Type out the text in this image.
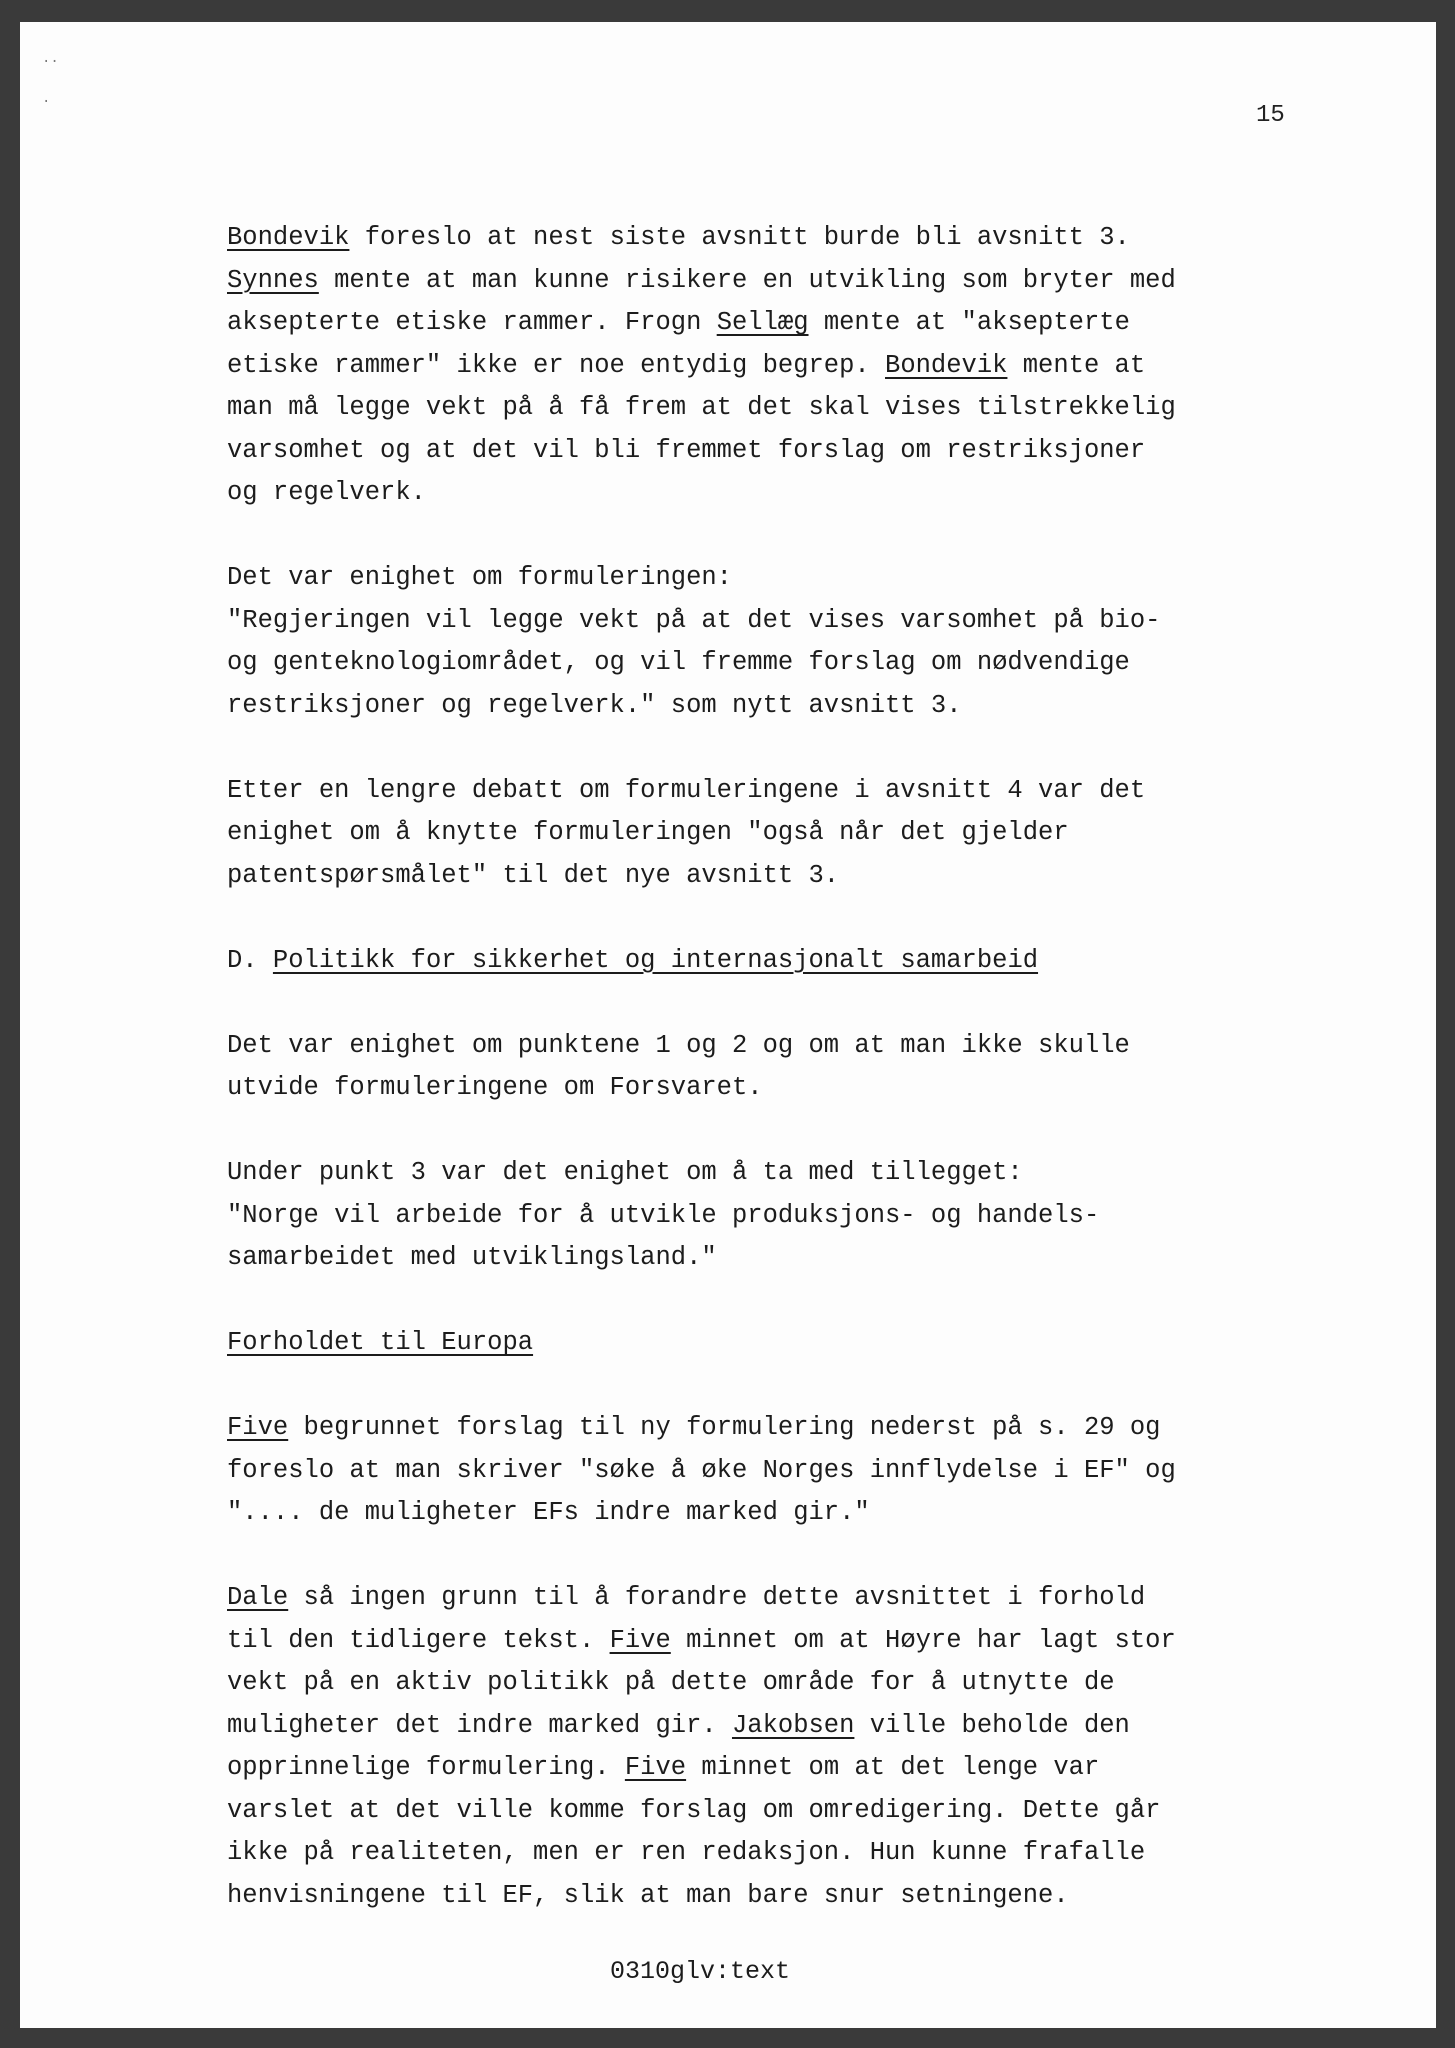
··
·	15
Bondevik foreslo at nest siste avsnitt burde bli avsnitt 3.
Synnes mente at man kunne risikere en utvikling som bryter med
aksepterte etiske rammer. Frogn Sellæg mente at "aksepterte
etiske rammer" ikke er noe entydig begrep. Bondevik mente at
man må legge vekt på å få frem at det skal vises tilstrekkelig
varsomhet og at det vil bli fremmet forslag om restriksjoner
og regelverk.
Det var enighet om formuleringen:
"Regjeringen vil legge vekt på at det vises varsomhet på bio-
og genteknologiområdet, og vil fremme forslag om nødvendige
restriksjoner og regelverk." som nytt avsnitt 3.
Etter en lengre debatt om formuleringene i avsnitt 4 var det
enighet om å knytte formuleringen "også når det gjelder
patentspørsmålet" til det nye avsnitt 3.
D. Politikk for sikkerhet og internasjonalt samarbeid
Det var enighet om punktene 1 og 2 og om at man ikke skulle
utvide formuleringene om Forsvaret.
Under punkt 3 var det enighet om å ta med tillegget:
"Norge vil arbeide for å utvikle produksjons- og handels-
samarbeidet med utviklingsland."
Forholdet til Europa
Five begrunnet forslag til ny formulering nederst på s. 29 og
foreslo at man skriver "søke å øke Norges innflydelse i EF" og
".... de muligheter EFs indre marked gir."
Dale så ingen grunn til å forandre dette avsnittet i forhold
til den tidligere tekst. Five minnet om at Høyre har lagt stor
vekt på en aktiv politikk på dette område for å utnytte de
muligheter det indre marked gir. Jakobsen ville beholde den
opprinnelige formulering. Five minnet om at det lenge var
varslet at det ville komme forslag om omredigering. Dette går
ikke på realiteten, men er ren redaksjon. Hun kunne frafalle
henvisningene til EF, slik at man bare snur setningene.
0310glv:text
